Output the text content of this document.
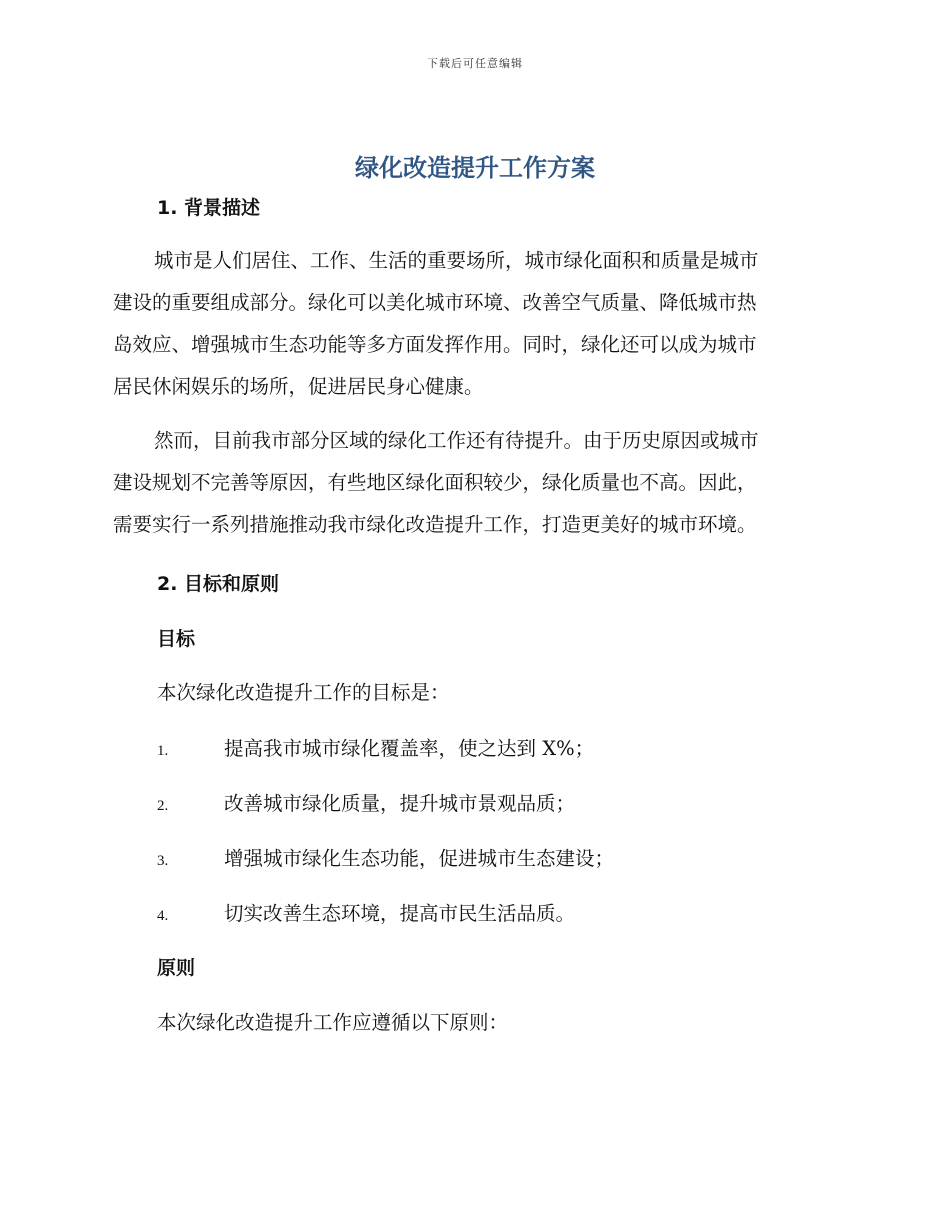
下载后可任意编辑
绿化改造提升工作方案
1. 背景描述

城市是人们居住、工作、生活的重要场所，城市绿化面积和质量是城市
建设的重要组成部分。绿化可以美化城市环境、改善空气质量、降低城市热
岛效应、增强城市生态功能等多方面发挥作用。同时，绿化还可以成为城市
居民休闲娱乐的场所，促进居民身心健康。

然而，目前我市部分区域的绿化工作还有待提升。由于历史原因或城市
建设规划不完善等原因，有些地区绿化面积较少，绿化质量也不高。因此，
需要实行一系列措施推动我市绿化改造提升工作，打造更美好的城市环境。

2. 目标和原则
目标

本次绿化改造提升工作的目标是：

1.	提高我市城市绿化覆盖率，使之达到 X%；
2.	改善城市绿化质量，提升城市景观品质；
3.	增强城市绿化生态功能，促进城市生态建设；
4.	切实改善生态环境，提高市民生活品质。
原则

本次绿化改造提升工作应遵循以下原则：
